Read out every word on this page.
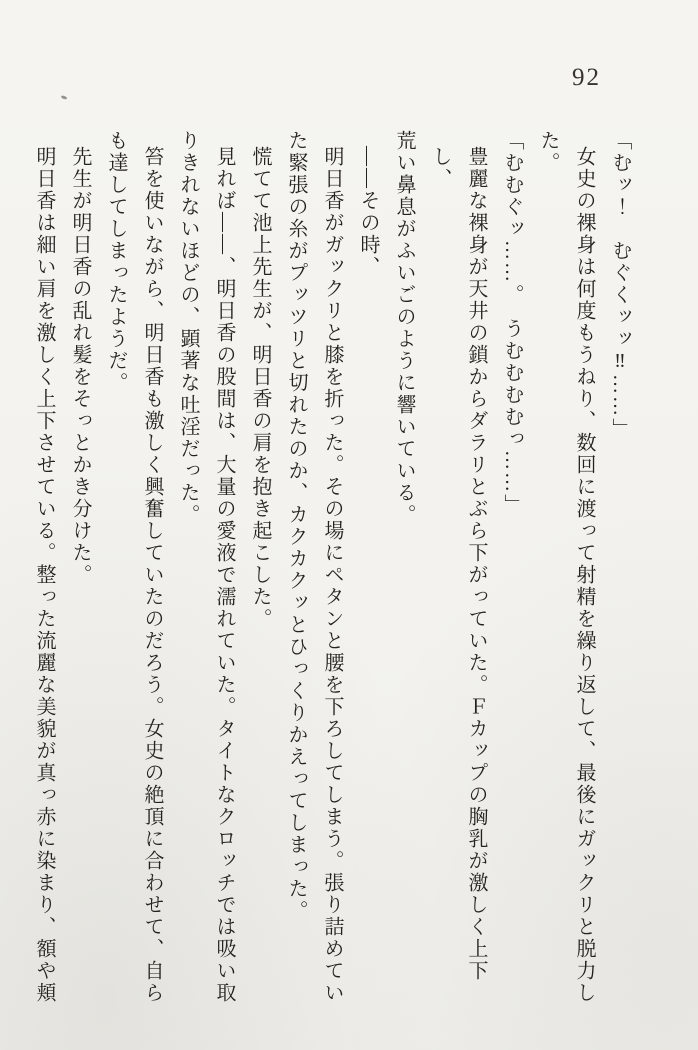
92

「むッ！　むぐくッッ‼……」

女史の裸身は何度もうねり、数回に渡って射精を繰り返して、最後にガックリと脱力し

た。

「むむぐッ……。　うむむむむっ……」

豊麗な裸身が天井の鎖からダラリとぶら下がっていた。Ｆカップの胸乳が激しく上下し、

荒い鼻息がふいごのように響いている。

――その時、

明日香がガックリと膝を折った。その場にペタンと腰を下ろしてしまう。張り詰めてい

た緊張の糸がプッツリと切れたのか、カクカクッとひっくりかえってしまった。

慌てて池上先生が、明日香の肩を抱き起こした。

見れば――、明日香の股間は、大量の愛液で濡れていた。タイトなクロッチでは吸い取

りきれないほどの、顕著な吐淫だった。

笞を使いながら、明日香も激しく興奮していたのだろう。女史の絶頂に合わせて、自ら

も達してしまったようだ。

先生が明日香の乱れ髪をそっとかき分けた。

明日香は細い肩を激しく上下させている。整った流麗な美貌が真っ赤に染まり、額や頬
